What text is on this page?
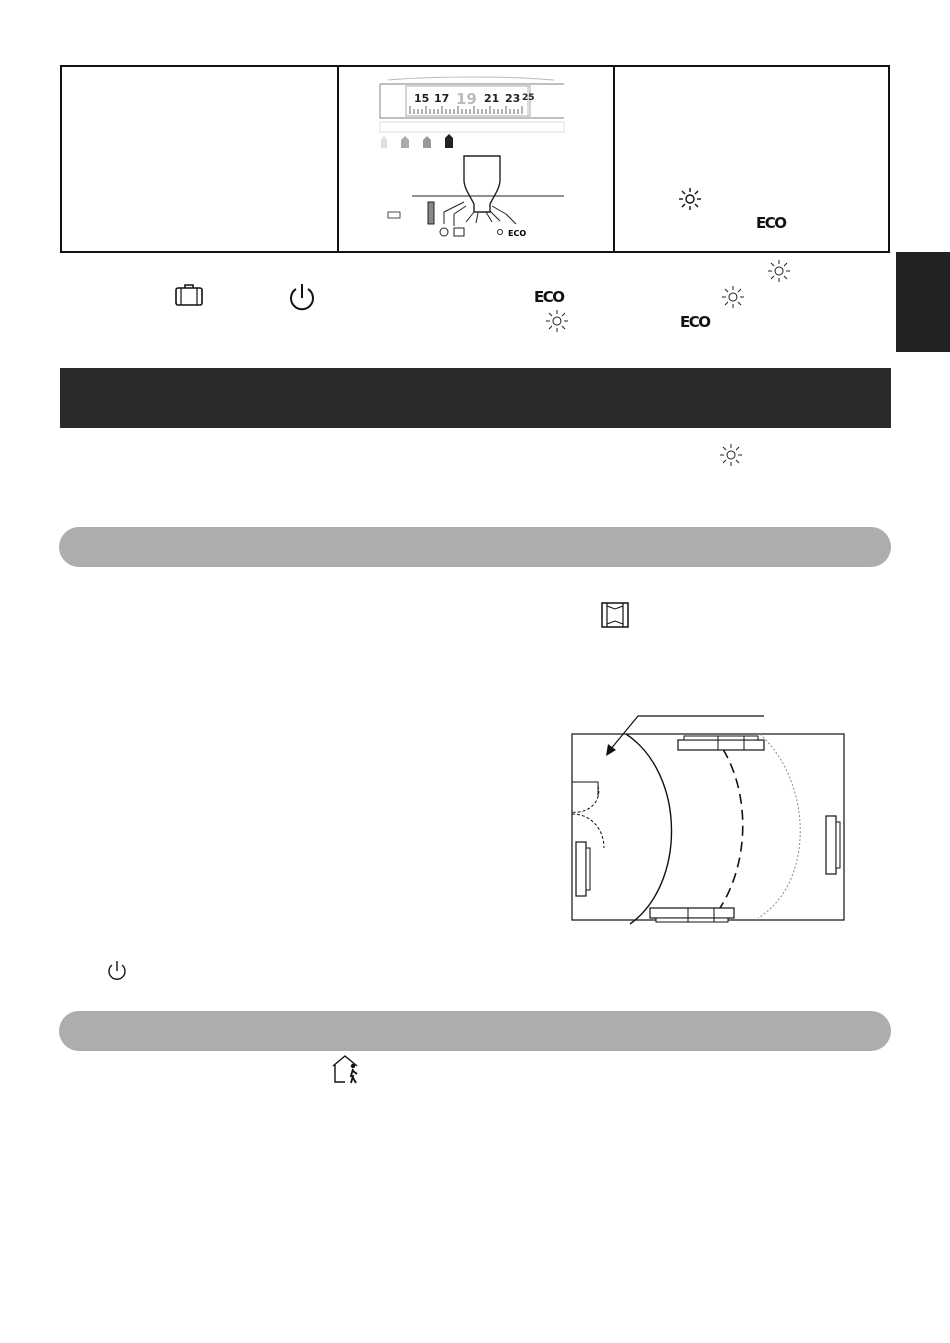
15 17 19 21 23 25
ECO
ECO
ECO
ECO
